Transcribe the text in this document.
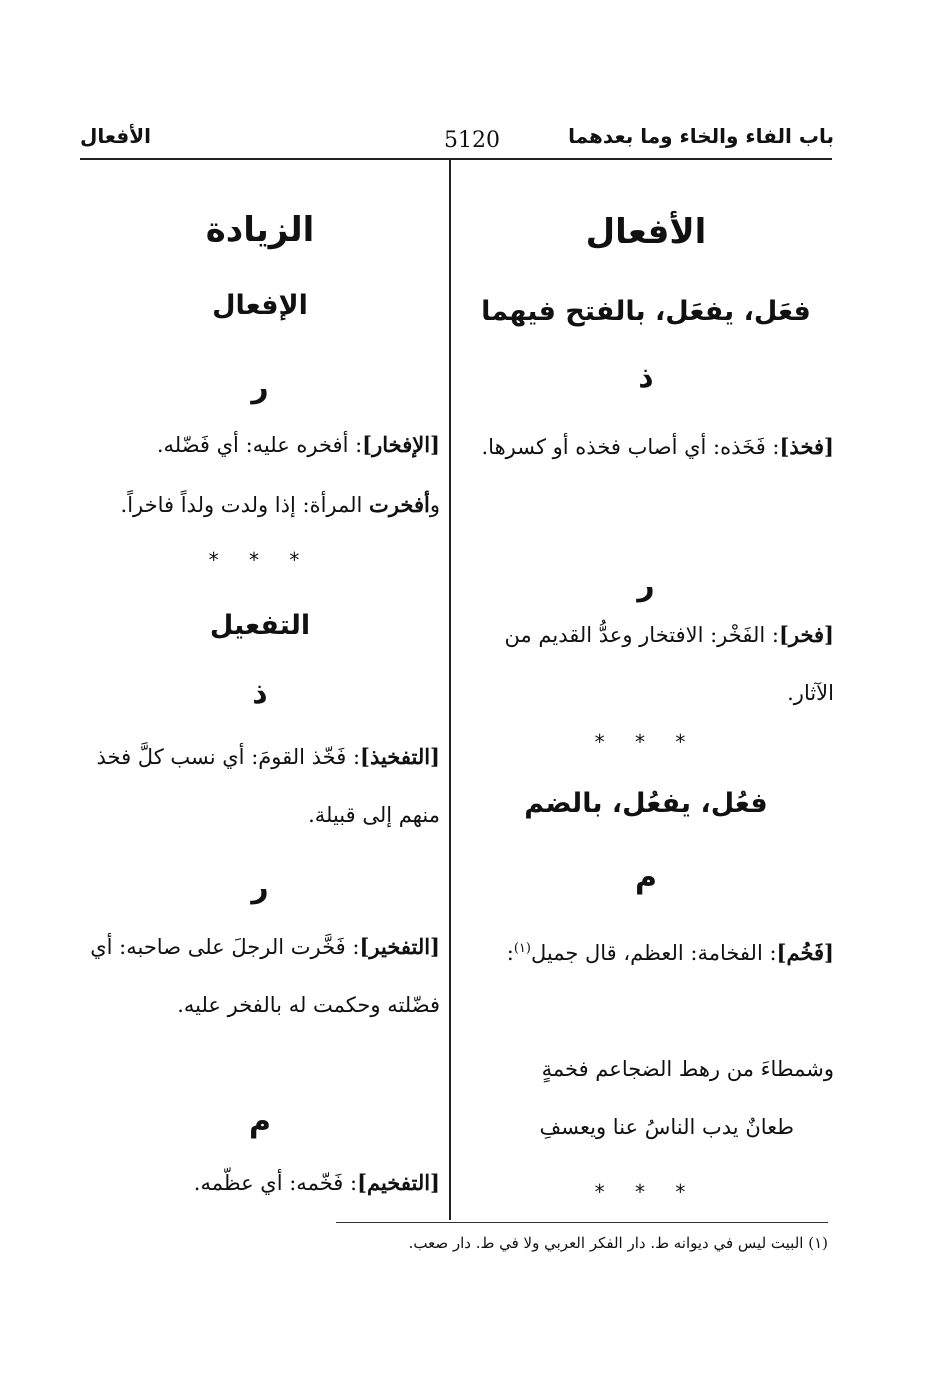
باب الفاء والخاء وما بعدهما
5120
الأفعال
الأفعال
فعَل، يفعَل، بالفتح فيهما
ذ
[فخذ]: فَخَذه: أي أصاب فخذه أو كسرها.
ر
[فخر]: الفَخْر: الافتخار وعدُّ القديم من الآثار.
* * *
فعُل، يفعُل، بالضم
م
[فَخُم]: الفخامة: العظم، قال جميل$^{(١)}$:
وشمطاءَ من رهط الضجاعم فخمةٍ
طعانٌ يدب الناسُ عنا ويعسفِ
* * *
الزيادة
الإفعال
ر
[الإفخار]: أفخره عليه: أي فَضّله.
وأفخرت المرأة: إذا ولدت ولداً فاخراً.
* * *
التفعيل
ذ
[التفخيذ]: فَخّذ القومَ: أي نسب كلَّ فخذ منهم إلى قبيلة.
ر
[التفخير]: فَخَّرت الرجلَ على صاحبه: أي فضّلته وحكمت له بالفخر عليه.
م
[التفخيم]: فَخّمه: أي عظّمه.
(١) البيت ليس في ديوانه ط. دار الفكر العربي ولا في ط. دار صعب.
